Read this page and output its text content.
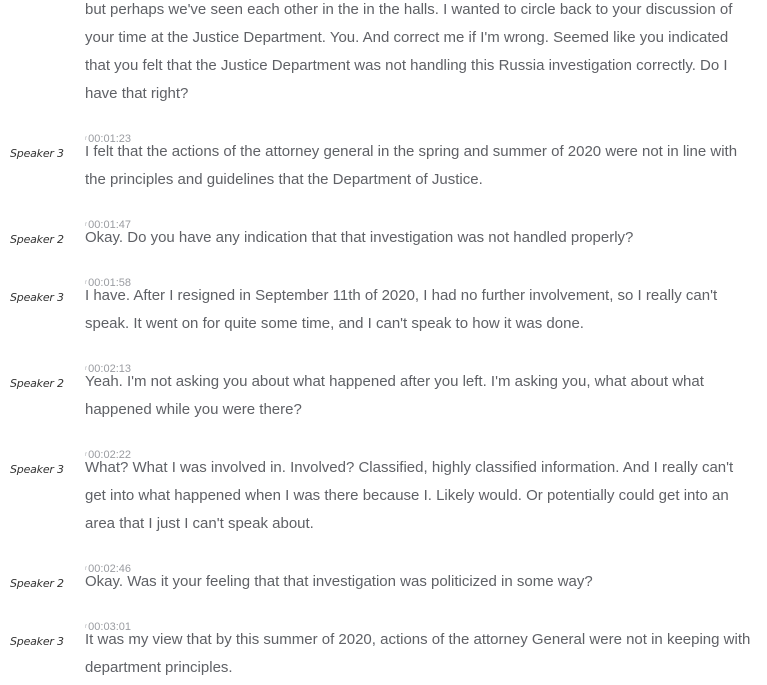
but perhaps we've seen each other in the in the halls. I wanted to circle back to your discussion of your time at the Justice Department. You. And correct me if I'm wrong. Seemed like you indicated that you felt that the Justice Department was not handling this Russia investigation correctly. Do I have that right?

Speaker 3
$^ʳ$00:01:23

I felt that the actions of the attorney general in the spring and summer of 2020 were not in line with the principles and guidelines that the Department of Justice.

Speaker 2
$^ʳ$00:01:47

Okay. Do you have any indication that that investigation was not handled properly?

Speaker 3
$^ʳ$00:01:58

I have. After I resigned in September 11th of 2020, I had no further involvement, so I really can't speak. It went on for quite some time, and I can't speak to how it was done.

Speaker 2
$^ʳ$00:02:13

Yeah. I'm not asking you about what happened after you left. I'm asking you, what about what happened while you were there?

Speaker 3
$^ʳ$00:02:22

What? What I was involved in. Involved? Classified, highly classified information. And I really can't get into what happened when I was there because I. Likely would. Or potentially could get into an area that I just I can't speak about.

Speaker 2
$^ʳ$00:02:46

Okay. Was it your feeling that that investigation was politicized in some way?

Speaker 3
$^ʳ$00:03:01

It was my view that by this summer of 2020, actions of the attorney General were not in keeping with department principles.
